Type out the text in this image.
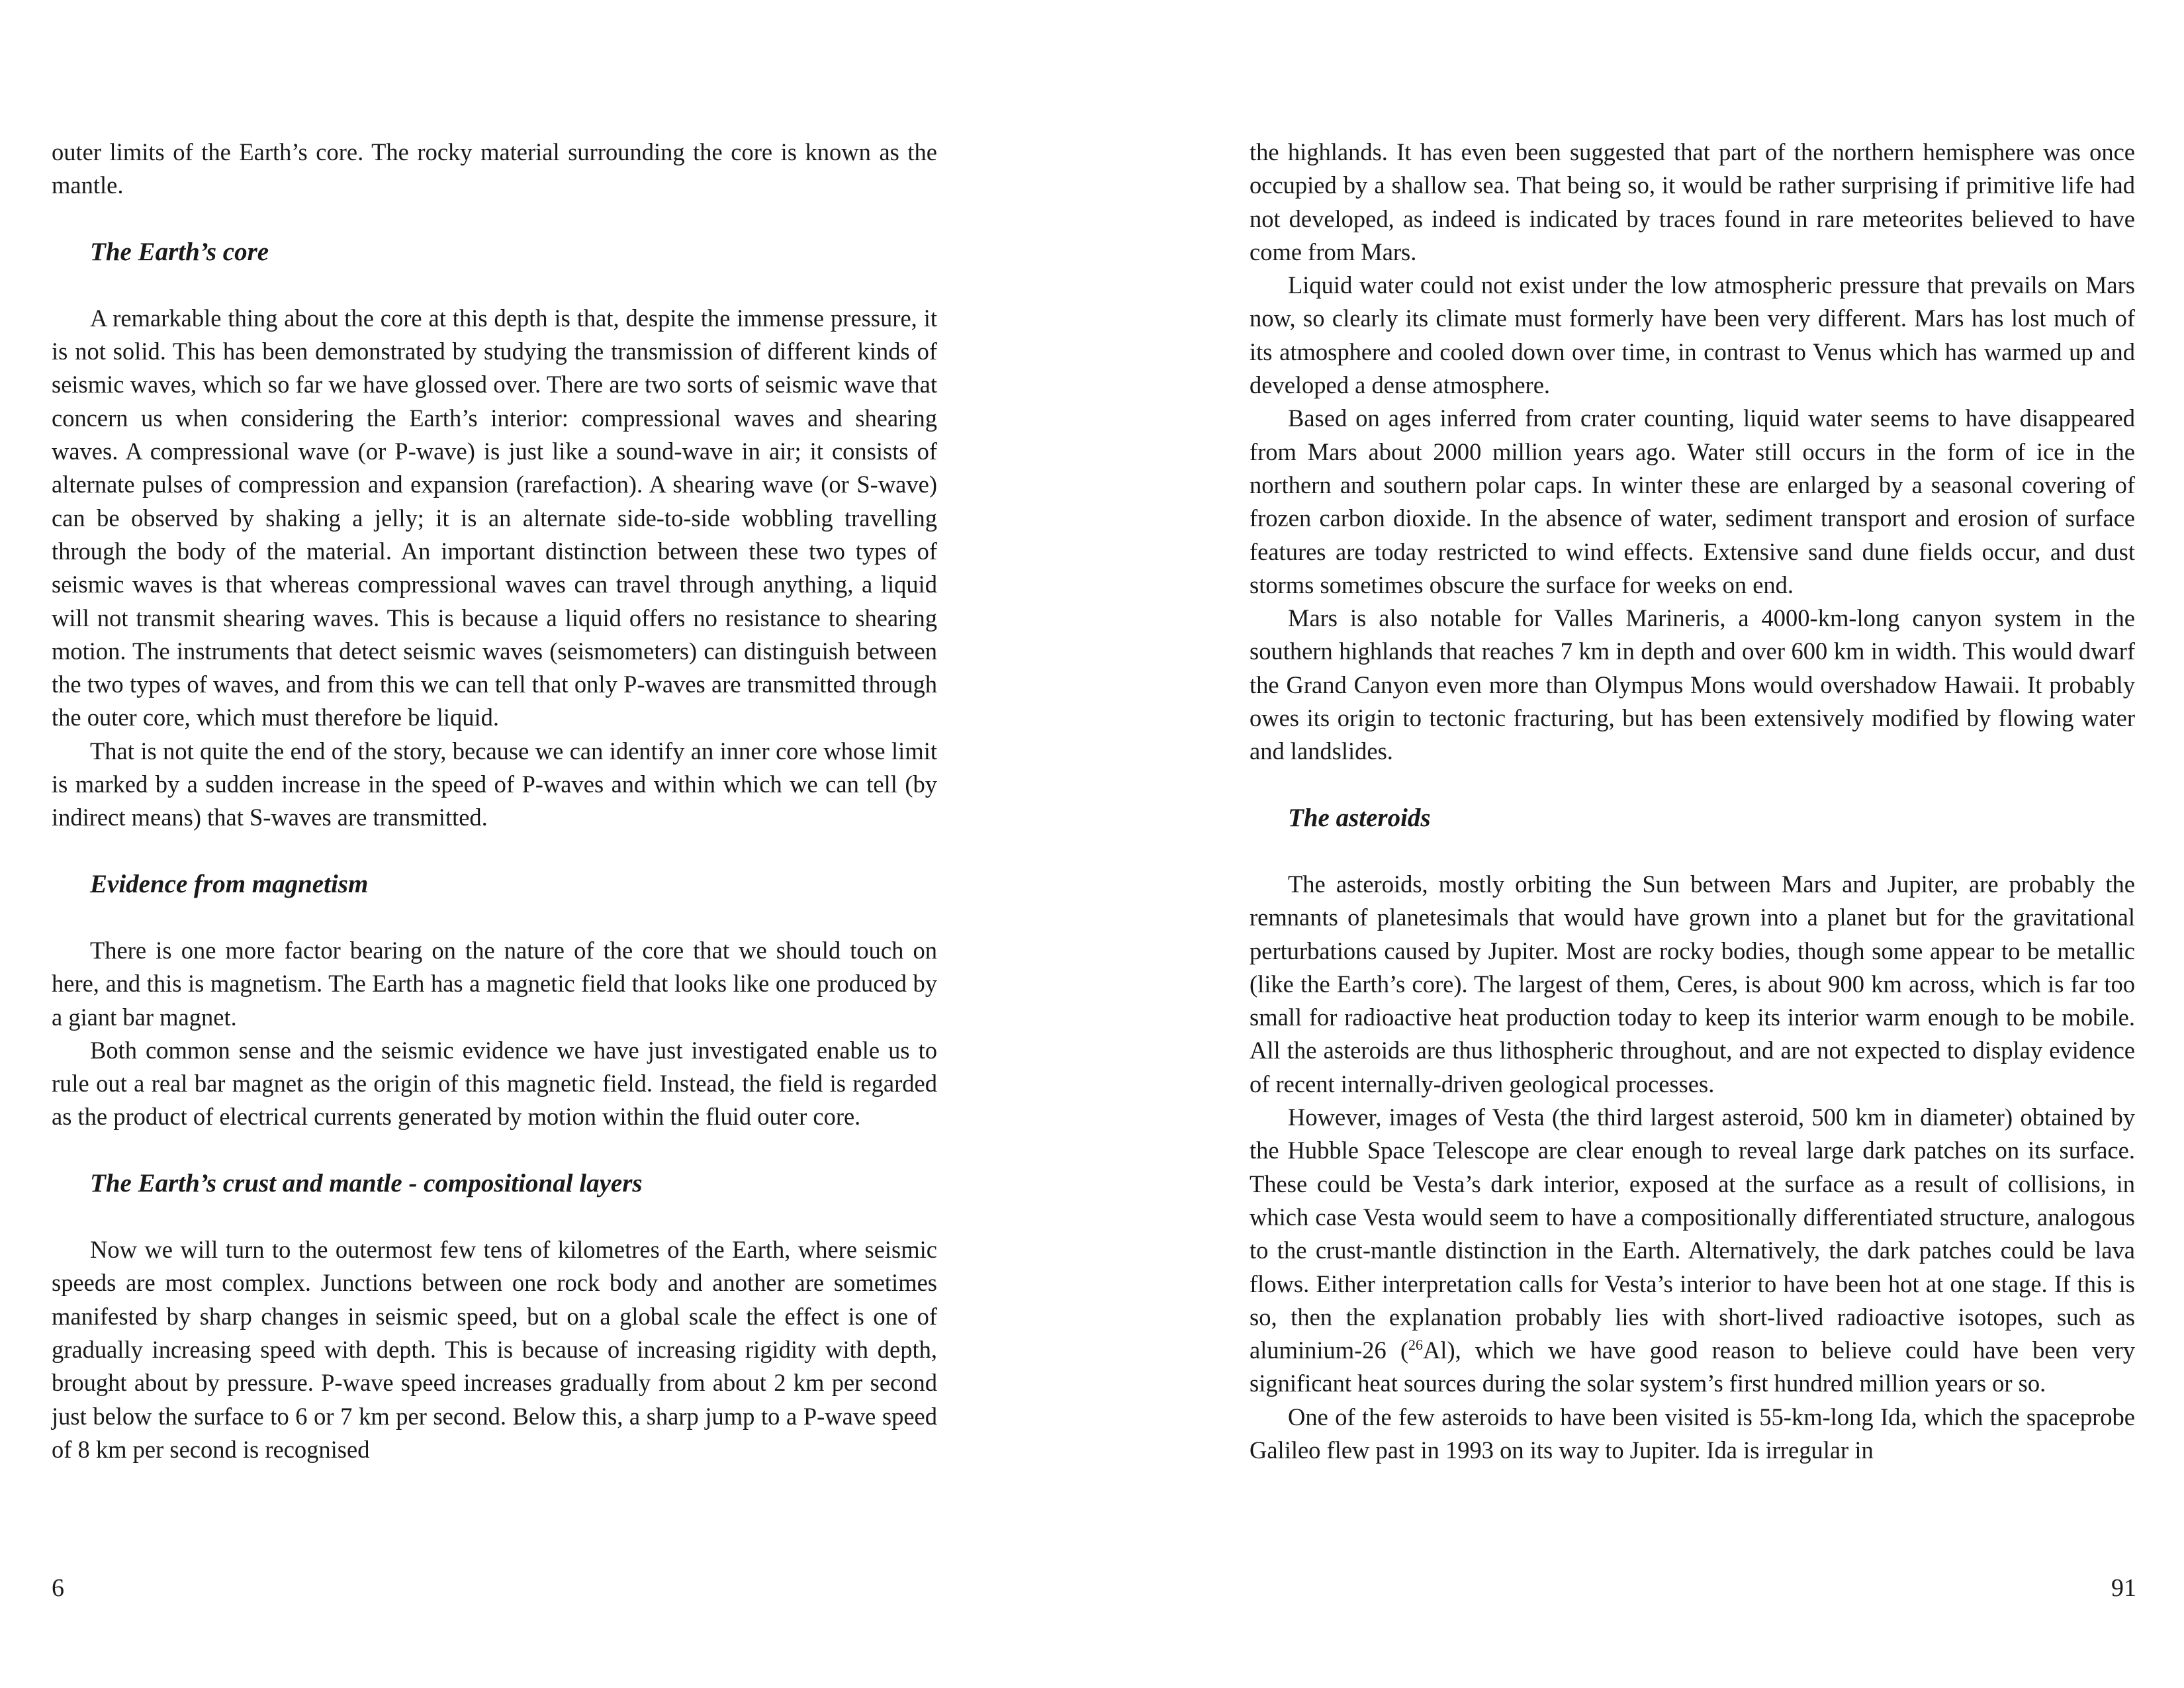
outer limits of the Earth’s core. The rocky material surrounding the core is known as the mantle.

The Earth’s core

A remarkable thing about the core at this depth is that, despite the immense pressure, it is not solid. This has been demonstrated by studying the transmission of different kinds of seismic waves, which so far we have glossed over. There are two sorts of seismic wave that concern us when considering the Earth’s interior: compressional waves and shearing waves. A compressional wave (or P-wave) is just like a sound-wave in air; it consists of alternate pulses of compression and expansion (rarefaction). A shearing wave (or S-wave) can be observed by shaking a jelly; it is an alternate side-to-side wobbling travelling through the body of the material. An important distinction between these two types of seismic waves is that whereas compressional waves can travel through anything, a liquid will not transmit shearing waves. This is because a liquid offers no resistance to shearing motion. The instruments that detect seismic waves (seismometers) can distinguish between the two types of waves, and from this we can tell that only P-waves are transmitted through the outer core, which must therefore be liquid.

That is not quite the end of the story, because we can identify an inner core whose limit is marked by a sudden increase in the speed of P-waves and within which we can tell (by indirect means) that S-waves are transmitted.

Evidence from magnetism

There is one more factor bearing on the nature of the core that we should touch on here, and this is magnetism. The Earth has a magnetic field that looks like one produced by a giant bar magnet.

Both common sense and the seismic evidence we have just investigated enable us to rule out a real bar magnet as the origin of this magnetic field. Instead, the field is regarded as the product of electrical currents generated by motion within the fluid outer core.

The Earth’s crust and mantle - compositional layers

Now we will turn to the outermost few tens of kilometres of the Earth, where seismic speeds are most complex. Junctions between one rock body and another are sometimes manifested by sharp changes in seismic speed, but on a global scale the effect is one of gradually increasing speed with depth. This is because of increasing rigidity with depth, brought about by pressure. P-wave speed increases gradually from about 2 km per second just below the surface to 6 or 7 km per second. Below this, a sharp jump to a P-wave speed of 8 km per second is recognised

6

the highlands. It has even been suggested that part of the northern hemisphere was once occupied by a shallow sea. That being so, it would be rather surprising if primitive life had not developed, as indeed is indicated by traces found in rare meteorites believed to have come from Mars.

Liquid water could not exist under the low atmospheric pressure that prevails on Mars now, so clearly its climate must formerly have been very different. Mars has lost much of its atmosphere and cooled down over time, in contrast to Venus which has warmed up and developed a dense atmosphere.

Based on ages inferred from crater counting, liquid water seems to have disappeared from Mars about 2000 million years ago. Water still occurs in the form of ice in the northern and southern polar caps. In winter these are enlarged by a seasonal covering of frozen carbon dioxide. In the absence of water, sediment transport and erosion of surface features are today restricted to wind effects. Extensive sand dune fields occur, and dust storms sometimes obscure the surface for weeks on end.

Mars is also notable for Valles Marineris, a 4000-km-long canyon system in the southern highlands that reaches 7 km in depth and over 600 km in width. This would dwarf the Grand Canyon even more than Olympus Mons would overshadow Hawaii. It probably owes its origin to tectonic fracturing, but has been extensively modified by flowing water and landslides.

The asteroids

The asteroids, mostly orbiting the Sun between Mars and Jupiter, are probably the remnants of planetesimals that would have grown into a planet but for the gravitational perturbations caused by Jupiter. Most are rocky bodies, though some appear to be metallic (like the Earth’s core). The largest of them, Ceres, is about 900 km across, which is far too small for radioactive heat production today to keep its interior warm enough to be mobile. All the asteroids are thus lithospheric throughout, and are not expected to display evidence of recent internally-driven geological processes.

However, images of Vesta (the third largest asteroid, 500 km in diameter) obtained by the Hubble Space Telescope are clear enough to reveal large dark patches on its surface. These could be Vesta’s dark interior, exposed at the surface as a result of collisions, in which case Vesta would seem to have a compositionally differentiated structure, analogous to the crust-mantle distinction in the Earth. Alternatively, the dark patches could be lava flows. Either interpretation calls for Vesta’s interior to have been hot at one stage. If this is so, then the explanation probably lies with short-lived radioactive isotopes, such as aluminium-26 ($^{26}$Al), which we have good reason to believe could have been very significant heat sources during the solar system’s first hundred million years or so.

One of the few asteroids to have been visited is 55-km-long Ida, which the spaceprobe Galileo flew past in 1993 on its way to Jupiter. Ida is irregular in

91
